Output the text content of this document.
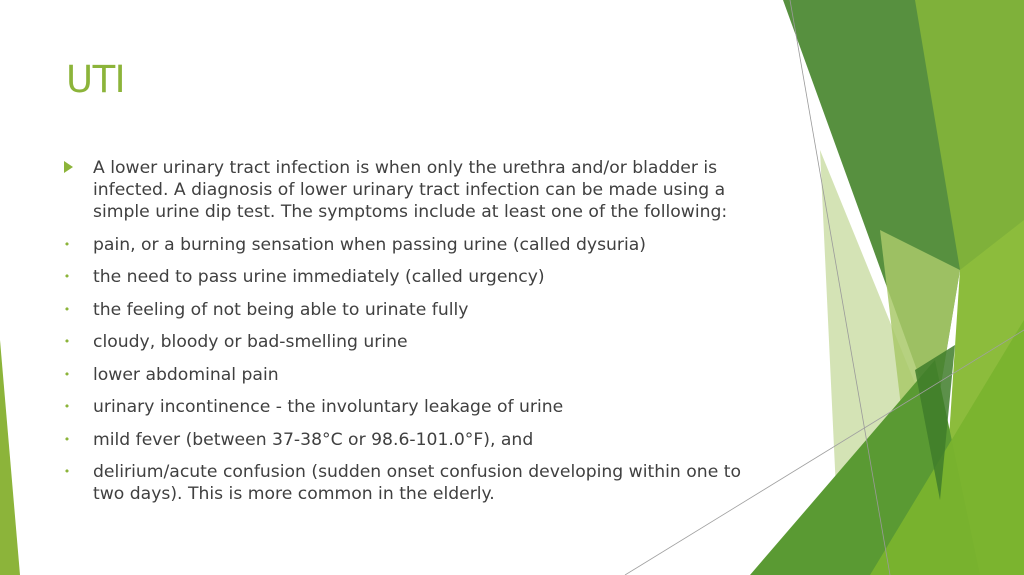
UTI
A lower urinary tract infection is when only the urethra and/or bladder is infected. A diagnosis of lower urinary tract infection can be made using a simple urine dip test. The symptoms include at least one of the following:
• pain, or a burning sensation when passing urine (called dysuria)
• the need to pass urine immediately (called urgency)
• the feeling of not being able to urinate fully
• cloudy, bloody or bad-smelling urine
• lower abdominal pain
• urinary incontinence - the involuntary leakage of urine
• mild fever (between 37-38°C or 98.6-101.0°F), and
• delirium/acute confusion (sudden onset confusion developing within one to two days). This is more common in the elderly.
